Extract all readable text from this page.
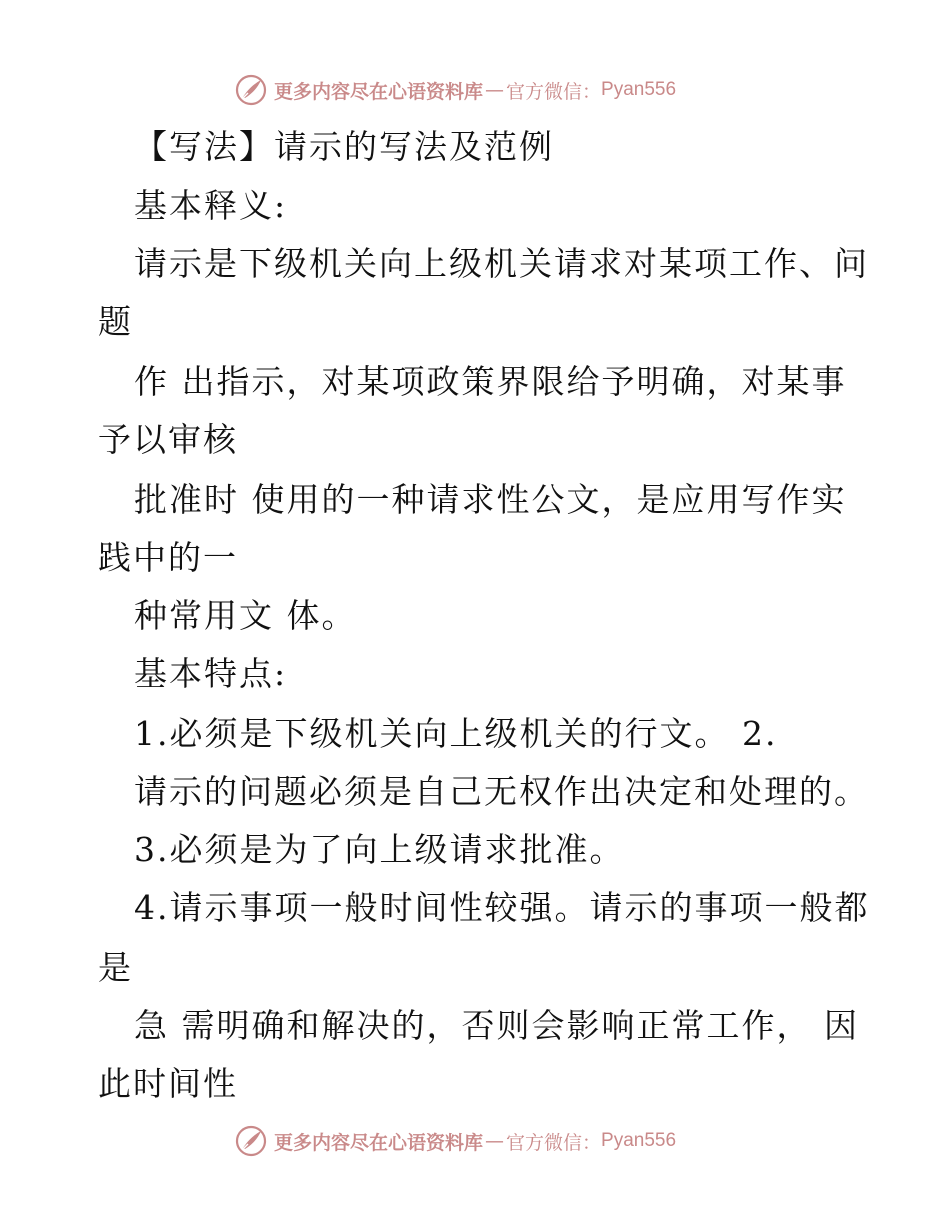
更多内容尽在心语资料库 — 官方微信： Pyan556
【写法】请示的写法及范例
基本释义:
请示是下级机关向上级机关请求对某项工作、问
题
作 出指示，对某项政策界限给予明确，对某事
予以审核
批准时 使用的一种请求性公文，是应用写作实
践中的一
种常用文 体。
基本特点:
1.必须是下级机关向上级机关的行文。 2.
请示的问题必须是自己无权作出决定和处理的。
3.必须是为了向上级请求批准。
4.请示事项一般时间性较强。请示的事项一般都
是
急 需明确和解决的，否则会影响正常工作， 因
此时间性
更多内容尽在心语资料库 — 官方微信： Pyan556
